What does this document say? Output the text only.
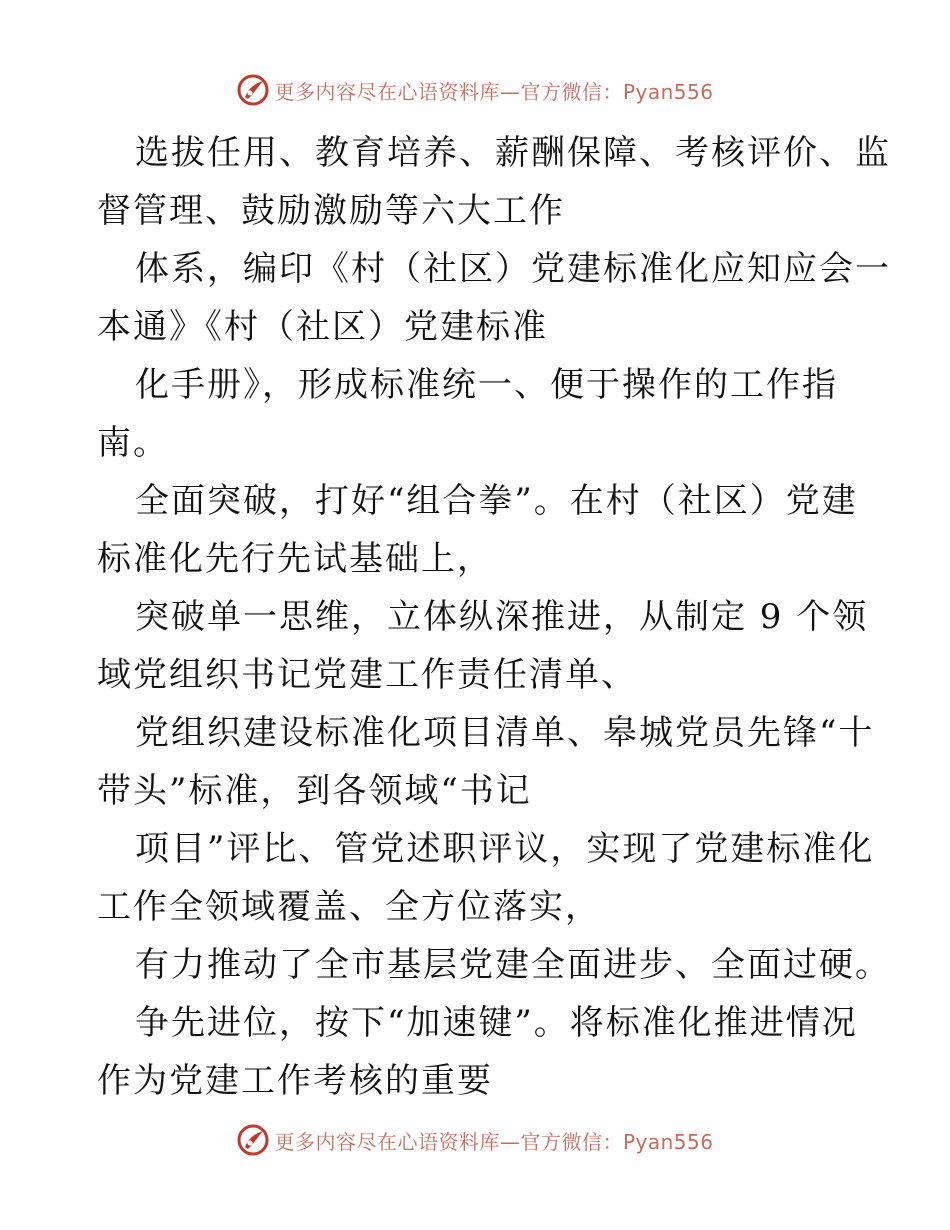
更多内容尽在心语资料库—官方微信：Pyan556
选拔任用、教育培养、薪酬保障、考核评价、监
督管理、鼓励激励等六大工作
体系，编印《村（社区）党建标准化应知应会一
本通》《村（社区）党建标准
化手册》，形成标准统一、便于操作的工作指
南。
全面突破，打好“组合拳”。在村（社区）党建
标准化先行先试基础上，
突破单一思维，立体纵深推进，从制定 9 个领
域党组织书记党建工作责任清单、
党组织建设标准化项目清单、皋城党员先锋“十
带头”标准，到各领域“书记
项目”评比、管党述职评议，实现了党建标准化
工作全领域覆盖、全方位落实，
有力推动了全市基层党建全面进步、全面过硬。
争先进位，按下“加速键”。将标准化推进情况
作为党建工作考核的重要
更多内容尽在心语资料库—官方微信：Pyan556
